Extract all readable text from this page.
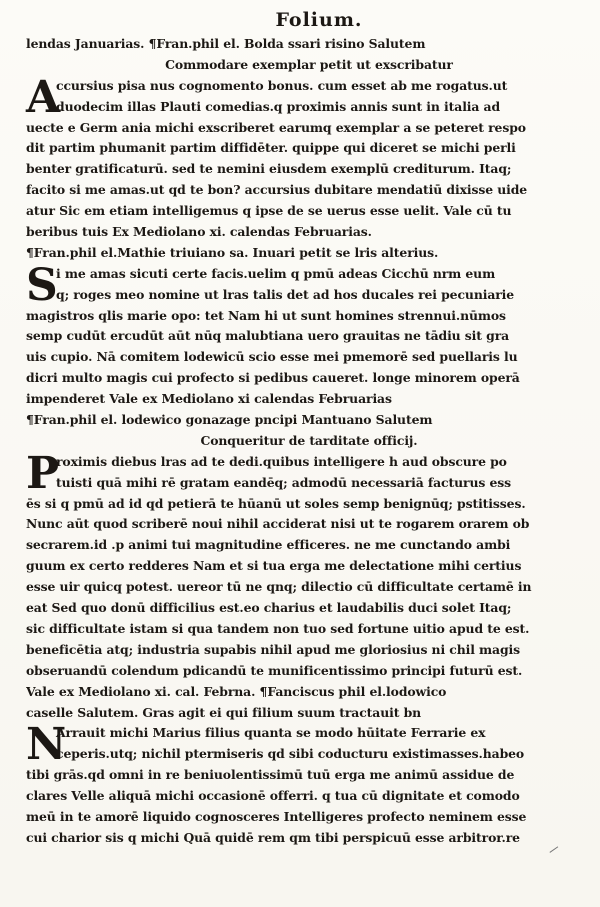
Folium.
lendas Januarias. ¶Fran.phil el. Bolda ssari risino Salutem
Commodare exemplar petit ut exscribatur
A
ccursius pisa nus cognomento bonus. cum esset ab me rogatus.ut
duodecim illas Plauti comedias.q proximis annis sunt in italia ad
uecte e Germ ania michi exscriberet earumq exemplar a se peteret respo
dit partim phumanit partim diffidēter. quippe qui diceret se michi perli
benter gratificaturū. sed te nemini eiusdem exemplū crediturum. Itaq;
facito si me amas.ut qd te bon? accursius dubitare mendatiū dixisse uide
atur Sic em etiam intelligemus q ipse de se uerus esse uelit. Vale cū tu
beribus tuis Ex Mediolano xi. calendas Februarias.
¶Fran.phil el.Mathie triuiano sa. Inuari petit se lris alterius.
S
i me amas sicuti certe facis.uelim q pmū adeas Cicchū nrm eum
q; roges meo nomine ut lras talis det ad hos ducales rei pecuniarie
magistros qlis marie opo: tet Nam hi ut sunt homines strennui.nūmos
semp cudūt ercudūt aūt nūq malubtiana uero grauitas ne tādiu sit gra
uis cupio. Nā comitem lodewicū scio esse mei pmemorē sed puellaris lu
dicri multo magis cui profecto si pedibus caueret. longe minorem operā
impenderet Vale ex Mediolano xi calendas Februarias
¶Fran.phil el. lodewico gonazage pncipi Mantuano Salutem
Conqueritur de tarditate officij.
P
roximis diebus lras ad te dedi.quibus intelligere h aud obscure po
tuisti quā mihi rē gratam eandēq; admodū necessariā facturus ess
ēs si q pmū ad id qd petierā te hūanū ut soles semp benignūq; pstitisses.
Nunc aūt quod scriberē noui nihil acciderat nisi ut te rogarem orarem ob
secrarem.id .p animi tui magnitudine efficeres. ne me cunctando ambi
guum ex certo redderes Nam et si tua erga me delectatione mihi certius
esse uir quicq potest. uereor tū ne qnq; dilectio cū difficultate certamē in
eat Sed quo donū difficilius est.eo charius et laudabilis duci solet Itaq;
sic difficultate istam si qua tandem non tuo sed fortune uitio apud te est.
beneficētia atq; industria supabis nihil apud me gloriosius ni chil magis
obseruandū colendum pdicandū te munificentissimo principi futurū est.
Vale ex Mediolano xi. cal. Febrna. ¶Fanciscus phil el.lodowico
caselle Salutem. Gras agit ei qui filium suum tractauit bn
N
Arrauit michi Marius filius quanta se modo hūitate Ferrarie ex
ceperis.utq; nichil ptermiseris qd sibi coducturu existimasses.habeo
tibi grās.qd omni in re beniuolentissimū tuū erga me animū assidue de
clares Velle aliquā michi occasionē offerri. q tua cū dignitate et comodo
meū in te amorē liquido cognosceres Intelligeres profecto neminem esse
cui charior sis q michi Quā quidē rem qm tibi perspicuū esse arbitror.re
